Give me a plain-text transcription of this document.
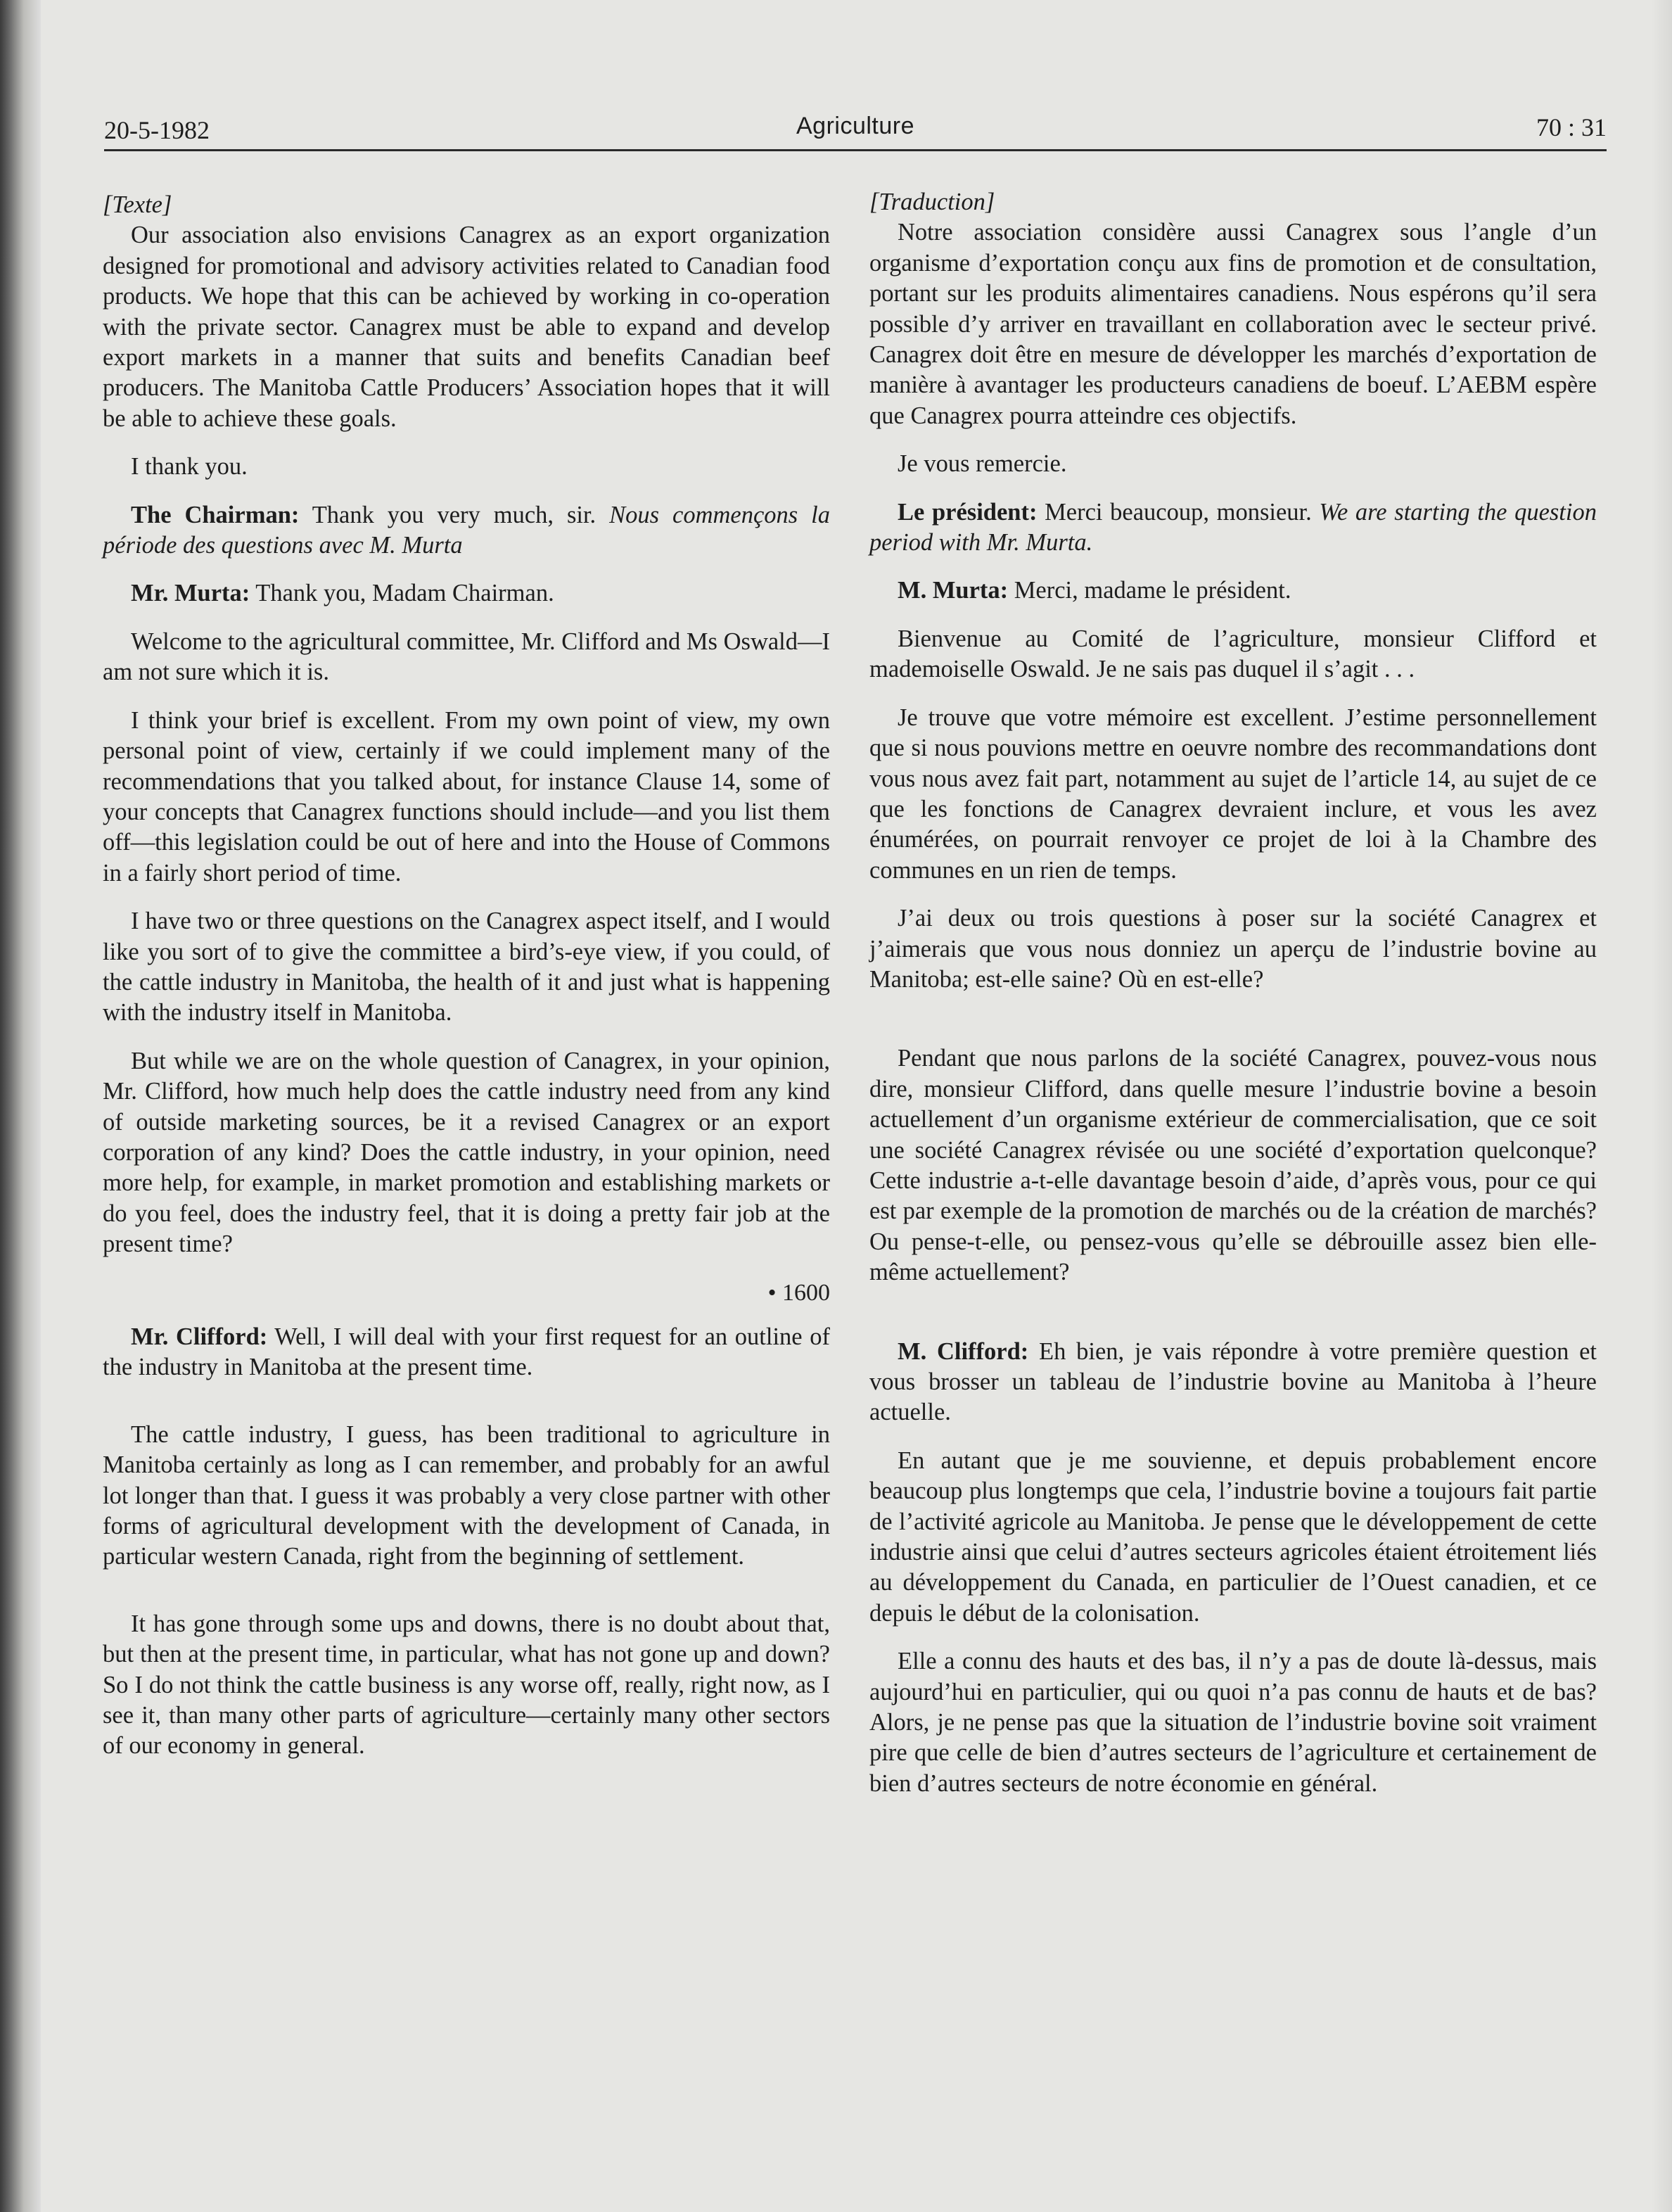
20-5-1982	Agriculture	70 : 31

[Texte]

Our association also envisions Canagrex as an export organization designed for promotional and advisory activities related to Canadian food products. We hope that this can be achieved by working in co-operation with the private sector. Canagrex must be able to expand and develop export markets in a manner that suits and benefits Canadian beef producers. The Manitoba Cattle Producers’ Association hopes that it will be able to achieve these goals.

I thank you.

The Chairman: Thank you very much, sir. Nous commençons la période des questions avec M. Murta

Mr. Murta: Thank you, Madam Chairman.

Welcome to the agricultural committee, Mr. Clifford and Ms Oswald—I am not sure which it is.

I think your brief is excellent. From my own point of view, my own personal point of view, certainly if we could implement many of the recommendations that you talked about, for instance Clause 14, some of your concepts that Canagrex functions should include—and you list them off—this legislation could be out of here and into the House of Commons in a fairly short period of time.

I have two or three questions on the Canagrex aspect itself, and I would like you sort of to give the committee a bird’s-eye view, if you could, of the cattle industry in Manitoba, the health of it and just what is happening with the industry itself in Manitoba.

But while we are on the whole question of Canagrex, in your opinion, Mr. Clifford, how much help does the cattle industry need from any kind of outside marketing sources, be it a revised Canagrex or an export corporation of any kind? Does the cattle industry, in your opinion, need more help, for example, in market promotion and establishing markets or do you feel, does the industry feel, that it is doing a pretty fair job at the present time?

• 1600

Mr. Clifford: Well, I will deal with your first request for an outline of the industry in Manitoba at the present time.

The cattle industry, I guess, has been traditional to agriculture in Manitoba certainly as long as I can remember, and probably for an awful lot longer than that. I guess it was probably a very close partner with other forms of agricultural development with the development of Canada, in particular western Canada, right from the beginning of settlement.

It has gone through some ups and downs, there is no doubt about that, but then at the present time, in particular, what has not gone up and down? So I do not think the cattle business is any worse off, really, right now, as I see it, than many other parts of agriculture—certainly many other sectors of our economy in general.

[Traduction]

Notre association considère aussi Canagrex sous l’angle d’un organisme d’exportation conçu aux fins de promotion et de consultation, portant sur les produits alimentaires canadiens. Nous espérons qu’il sera possible d’y arriver en travaillant en collaboration avec le secteur privé. Canagrex doit être en mesure de développer les marchés d’exportation de manière à avantager les producteurs canadiens de boeuf. L’AEBM espère que Canagrex pourra atteindre ces objectifs.

Je vous remercie.

Le président: Merci beaucoup, monsieur. We are starting the question period with Mr. Murta.

M. Murta: Merci, madame le président.

Bienvenue au Comité de l’agriculture, monsieur Clifford et mademoiselle Oswald. Je ne sais pas duquel il s’agit . . .

Je trouve que votre mémoire est excellent. J’estime personnellement que si nous pouvions mettre en oeuvre nombre des recommandations dont vous nous avez fait part, notamment au sujet de l’article 14, au sujet de ce que les fonctions de Canagrex devraient inclure, et vous les avez énumérées, on pourrait renvoyer ce projet de loi à la Chambre des communes en un rien de temps.

J’ai deux ou trois questions à poser sur la société Canagrex et j’aimerais que vous nous donniez un aperçu de l’industrie bovine au Manitoba; est-elle saine? Où en est-elle?

Pendant que nous parlons de la société Canagrex, pouvez-vous nous dire, monsieur Clifford, dans quelle mesure l’industrie bovine a besoin actuellement d’un organisme extérieur de commercialisation, que ce soit une société Canagrex révisée ou une société d’exportation quelconque? Cette industrie a-t-elle davantage besoin d’aide, d’après vous, pour ce qui est par exemple de la promotion de marchés ou de la création de marchés? Ou pense-t-elle, ou pensez-vous qu’elle se débrouille assez bien elle-même actuellement?

M. Clifford: Eh bien, je vais répondre à votre première question et vous brosser un tableau de l’industrie bovine au Manitoba à l’heure actuelle.

En autant que je me souvienne, et depuis probablement encore beaucoup plus longtemps que cela, l’industrie bovine a toujours fait partie de l’activité agricole au Manitoba. Je pense que le développement de cette industrie ainsi que celui d’autres secteurs agricoles étaient étroitement liés au développement du Canada, en particulier de l’Ouest canadien, et ce depuis le début de la colonisation.

Elle a connu des hauts et des bas, il n’y a pas de doute là-dessus, mais aujourd’hui en particulier, qui ou quoi n’a pas connu de hauts et de bas? Alors, je ne pense pas que la situation de l’industrie bovine soit vraiment pire que celle de bien d’autres secteurs de l’agriculture et certainement de bien d’autres secteurs de notre économie en général.
